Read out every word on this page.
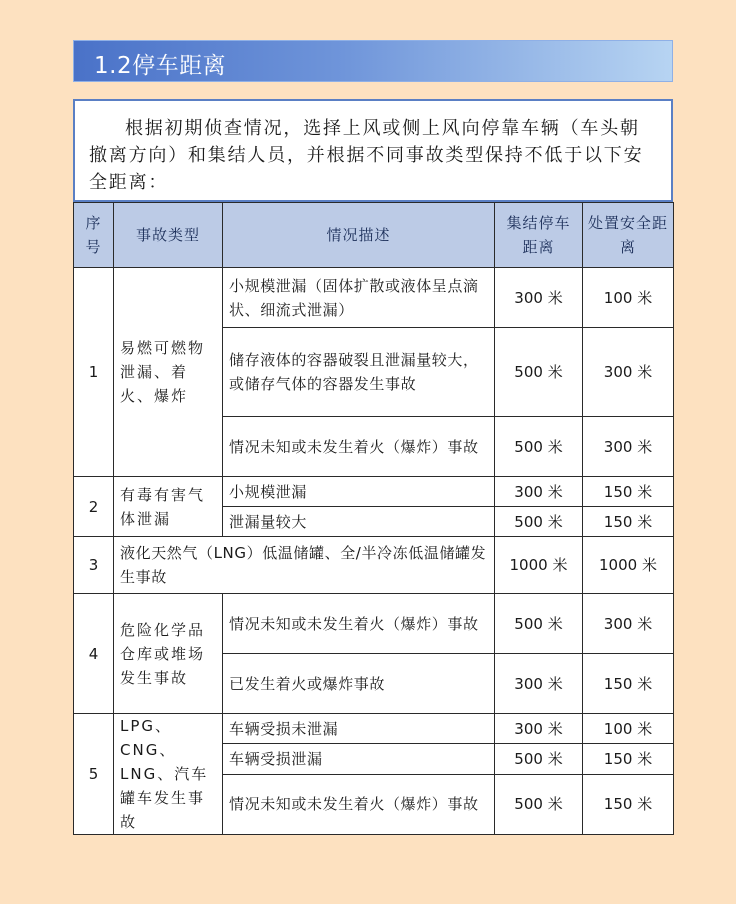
1.2停车距离
根据初期侦查情况，选择上风或侧上风向停靠车辆（车头朝撤离方向）和集结人员，并根据不同事故类型保持不低于以下安全距离：
序号	事故类型	情况描述	集结停车距离	处置安全距离
1	易燃可燃物泄漏、着火、爆炸	小规模泄漏（固体扩散或液体呈点滴状、细流式泄漏）	300 米	100 米
		储存液体的容器破裂且泄漏量较大，或储存气体的容器发生事故	500 米	300 米
		情况未知或未发生着火（爆炸）事故	500 米	300 米
2	有毒有害气体泄漏	小规模泄漏	300 米	150 米
		泄漏量较大	500 米	150 米
3	液化天然气（LNG）低温储罐、全/半冷冻低温储罐发生事故		1000 米	1000 米
4	危险化学品仓库或堆场发生事故	情况未知或未发生着火（爆炸）事故	500 米	300 米
		已发生着火或爆炸事故	300 米	150 米
5	LPG、CNG、LNG、汽车罐车发生事故	车辆受损未泄漏	300 米	100 米
		车辆受损泄漏	500 米	150 米
		情况未知或未发生着火（爆炸）事故	500 米	150 米
